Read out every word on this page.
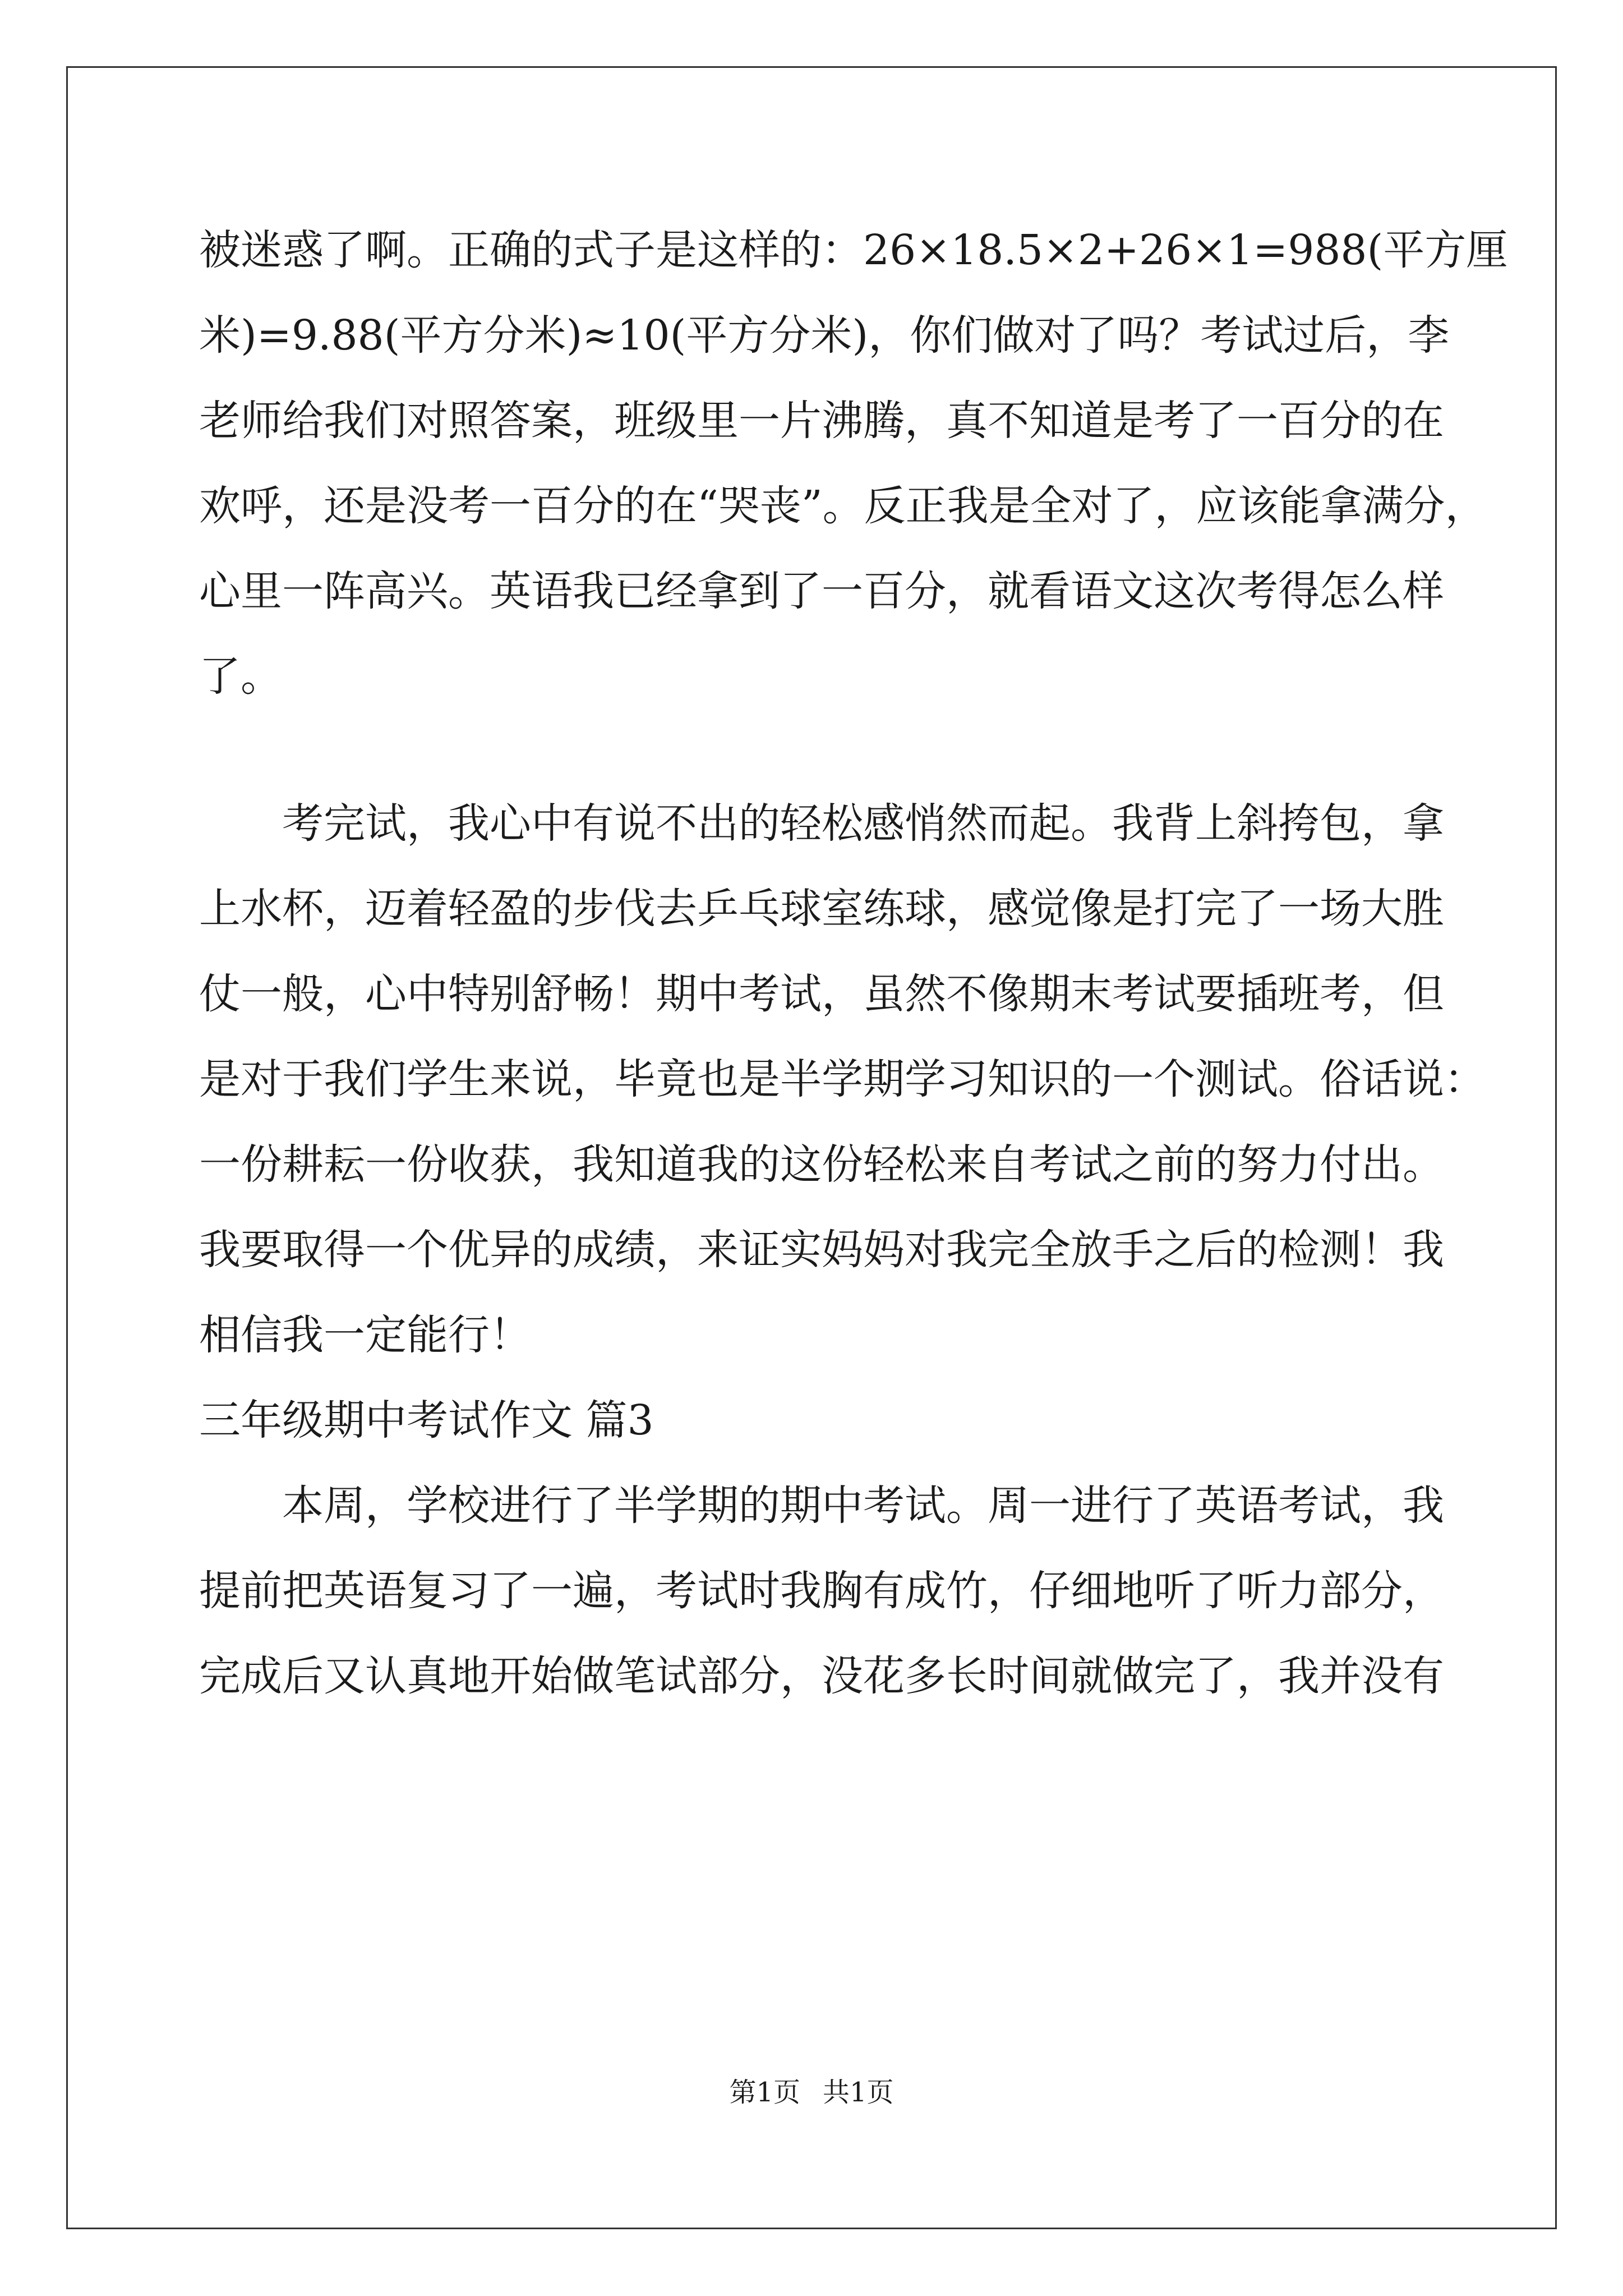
被迷惑了啊。正确的式子是这样的：26×18.5×2+26×1=988(平方厘
米)=9.88(平方分米)≈10(平方分米)，你们做对了吗？考试过后，李
老师给我们对照答案，班级里一片沸腾，真不知道是考了一百分的在
欢呼，还是没考一百分的在“哭丧”。反正我是全对了，应该能拿满分，
心里一阵高兴。英语我已经拿到了一百分，就看语文这次考得怎么样
了。
考完试，我心中有说不出的轻松感悄然而起。我背上斜挎包，拿
上水杯，迈着轻盈的步伐去乒乓球室练球，感觉像是打完了一场大胜
仗一般，心中特别舒畅！期中考试，虽然不像期末考试要插班考，但
是对于我们学生来说，毕竟也是半学期学习知识的一个测试。俗话说：
一份耕耘一份收获，我知道我的这份轻松来自考试之前的努力付出。
我要取得一个优异的成绩，来证实妈妈对我完全放手之后的检测！我
相信我一定能行！
三年级期中考试作文 篇3
本周，学校进行了半学期的期中考试。周一进行了英语考试，我
提前把英语复习了一遍，考试时我胸有成竹，仔细地听了听力部分，
完成后又认真地开始做笔试部分，没花多长时间就做完了，我并没有
第1页 共1页
